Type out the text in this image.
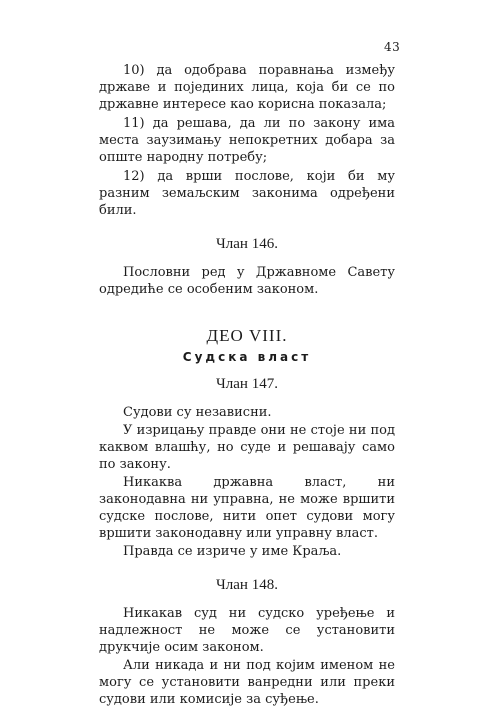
43

10) да одобрава поравнања између државе и појединих лица, која би се по државне интересе као корисна показала;

11) да решава, да ли по закону има места заузимању непокретних добара за опште народну потребу;

12) да врши послове, који би му разним земаљским законима одређени били.

Члан 146.

Пословни ред у Државноме Савету одредиће се особеним законом.

ДЕО VIII.
Судска власт
Члан 147.

Судови су независни.

У изрицању правде они не стоје ни под каквом влашћу, но суде и решавају само по закону.

Никаква државна власт, ни законодавна ни управна, не може вршити судске послове, нити опет судови могу вршити законодавну или управну власт.

Правда се изриче у име Краља.

Члан 148.

Никакав суд ни судско уређење и надлежност не може се установити друкчије осим законом.

Али никада и ни под којим именом не могу се установити ванредни или преки судови или комисије за суђење.
